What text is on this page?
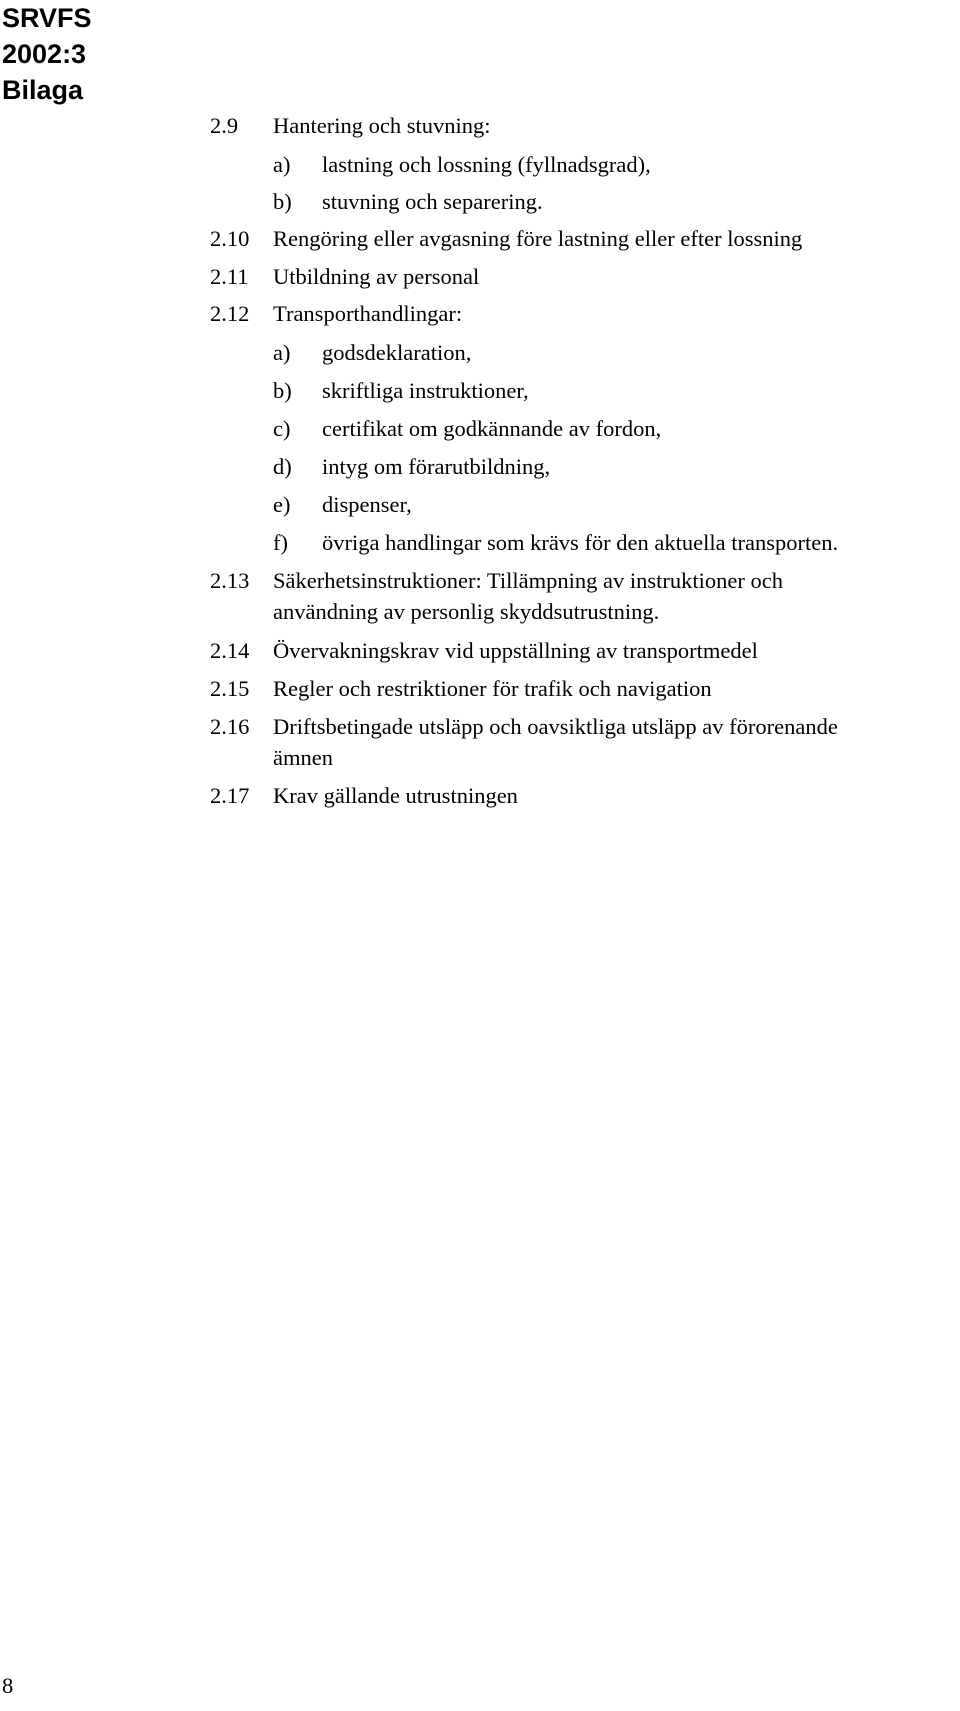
SRVFS
2002:3
Bilaga
2.9 Hantering och stuvning:
a) lastning och lossning (fyllnadsgrad),
b) stuvning och separering.
2.10 Rengöring eller avgasning före lastning eller efter lossning
2.11 Utbildning av personal
2.12 Transporthandlingar:
a) godsdeklaration,
b) skriftliga instruktioner,
c) certifikat om godkännande av fordon,
d) intyg om förarutbildning,
e) dispenser,
f) övriga handlingar som krävs för den aktuella transporten.
2.13 Säkerhetsinstruktioner: Tillämpning av instruktioner och
användning av personlig skyddsutrustning.
2.14 Övervakningskrav vid uppställning av transportmedel
2.15 Regler och restriktioner för trafik och navigation
2.16 Driftsbetingade utsläpp och oavsiktliga utsläpp av förorenande
ämnen
2.17 Krav gällande utrustningen
8
